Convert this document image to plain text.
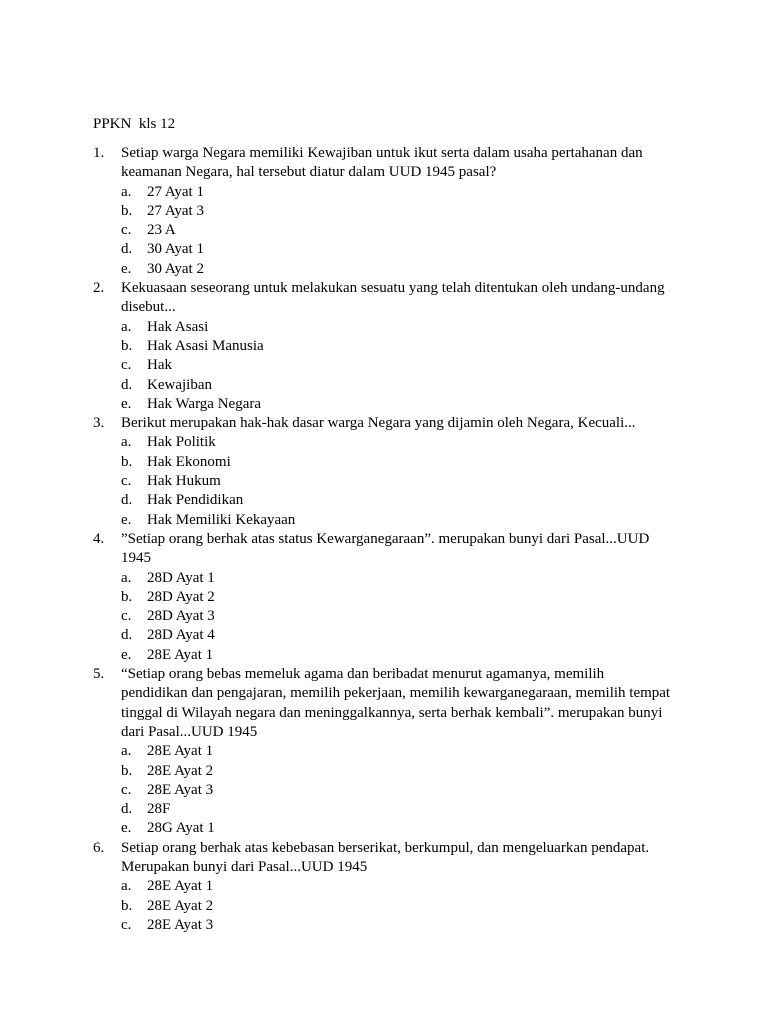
PPKN  kls 12
1. Setiap warga Negara memiliki Kewajiban untuk ikut serta dalam usaha pertahanan dan keamanan Negara, hal tersebut diatur dalam UUD 1945 pasal?
a. 27 Ayat 1
b. 27 Ayat 3
c. 23 A
d. 30 Ayat 1
e. 30 Ayat 2
2. Kekuasaan seseorang untuk melakukan sesuatu yang telah ditentukan oleh undang-undang disebut...
a. Hak Asasi
b. Hak Asasi Manusia
c. Hak
d. Kewajiban
e. Hak Warga Negara
3. Berikut merupakan hak-hak dasar warga Negara yang dijamin oleh Negara, Kecuali...
a. Hak Politik
b. Hak Ekonomi
c. Hak Hukum
d. Hak Pendidikan
e. Hak Memiliki Kekayaan
4. ”Setiap orang berhak atas status Kewarganegaraan”. merupakan bunyi dari Pasal...UUD 1945
a. 28D Ayat 1
b. 28D Ayat 2
c. 28D Ayat 3
d. 28D Ayat 4
e. 28E Ayat 1
5. “Setiap orang bebas memeluk agama dan beribadat menurut agamanya, memilih pendidikan dan pengajaran, memilih pekerjaan, memilih kewarganegaraan, memilih tempat tinggal di Wilayah negara dan meninggalkannya, serta berhak kembali”. merupakan bunyi dari Pasal...UUD 1945
a. 28E Ayat 1
b. 28E Ayat 2
c. 28E Ayat 3
d. 28F
e. 28G Ayat 1
6. Setiap orang berhak atas kebebasan berserikat, berkumpul, dan mengeluarkan pendapat. Merupakan bunyi dari Pasal...UUD 1945
a. 28E Ayat 1
b. 28E Ayat 2
c. 28E Ayat 3
